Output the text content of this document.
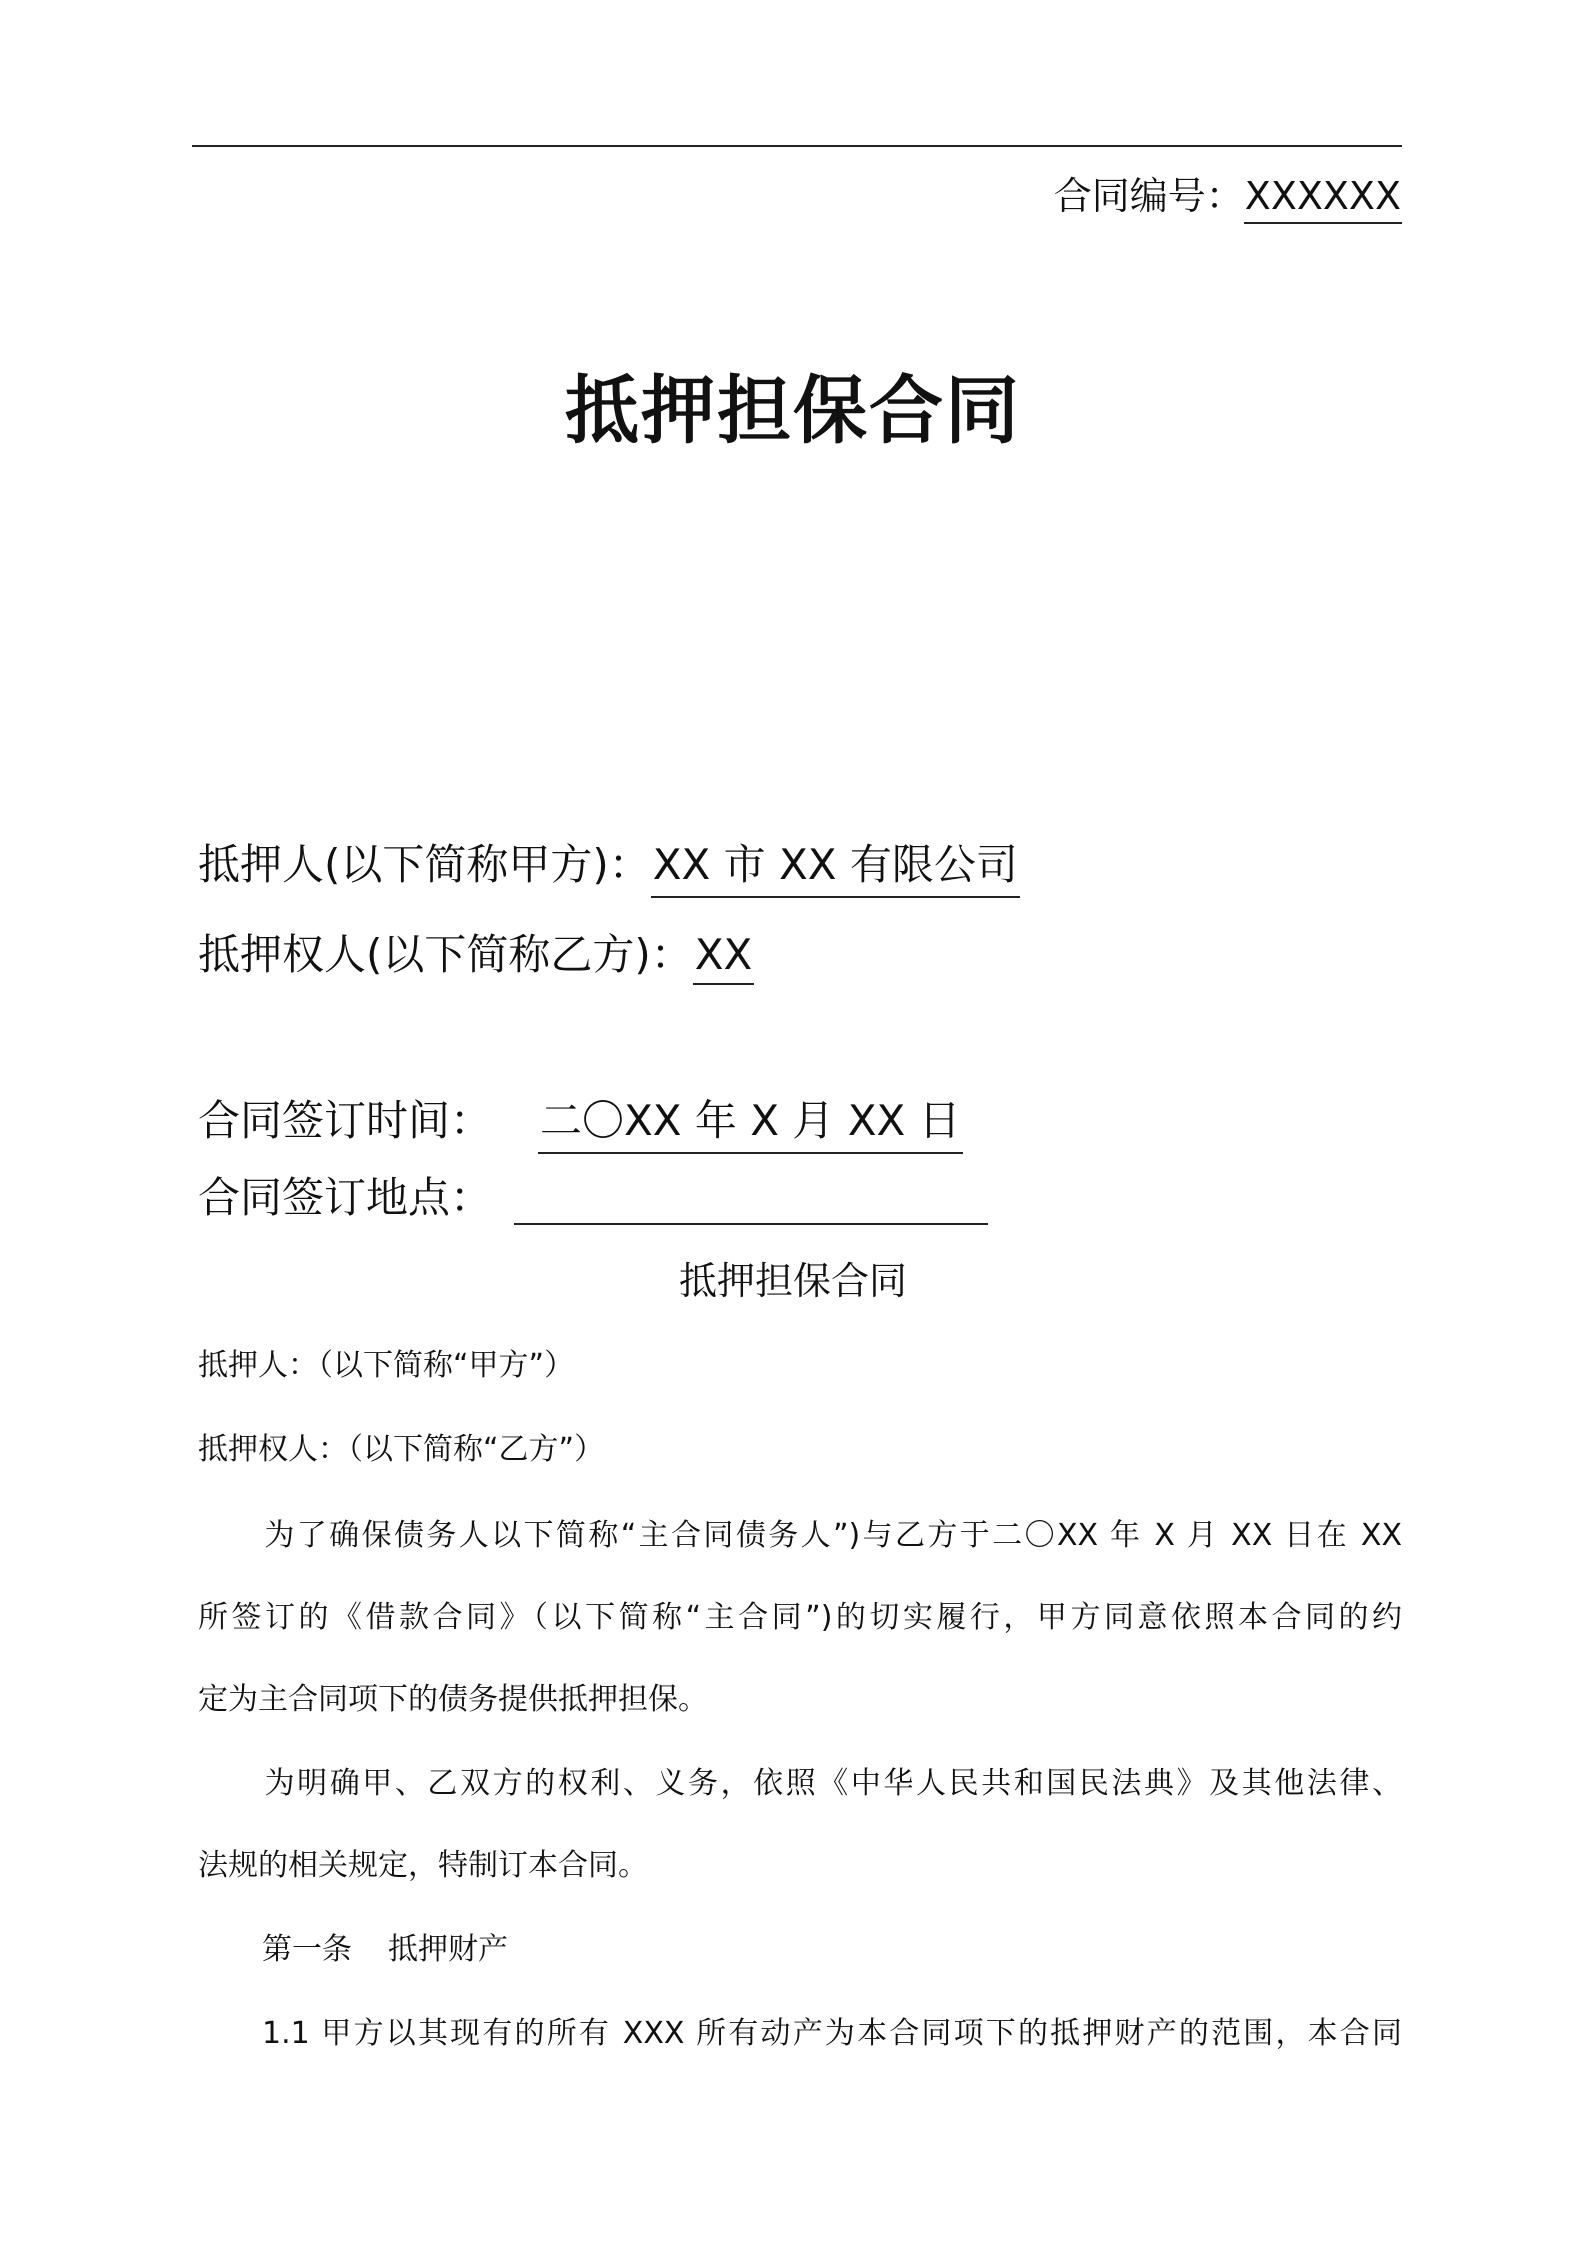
合同编号：XXXXXX
抵押担保合同
抵押人(以下简称甲方)：XX 市 XX 有限公司
抵押权人(以下简称乙方)：XX
合同签订时间： 二〇XX 年 X 月 XX 日
合同签订地点：
抵押担保合同
抵押人：（以下简称“甲方”）
抵押权人：（以下简称“乙方”）
为了确保债务人以下简称“主合同债务人”)与乙方于二〇XX 年 X 月 XX 日在 XX
所签订的《借款合同》（以下简称“主合同”)的切实履行，甲方同意依照本合同的约
定为主合同项下的债务提供抵押担保。
为明确甲、乙双方的权利、义务，依照《中华人民共和国民法典》及其他法律、
法规的相关规定，特制订本合同。
第一条 抵押财产
1.1 甲方以其现有的所有 XXX 所有动产为本合同项下的抵押财产的范围，本合同
